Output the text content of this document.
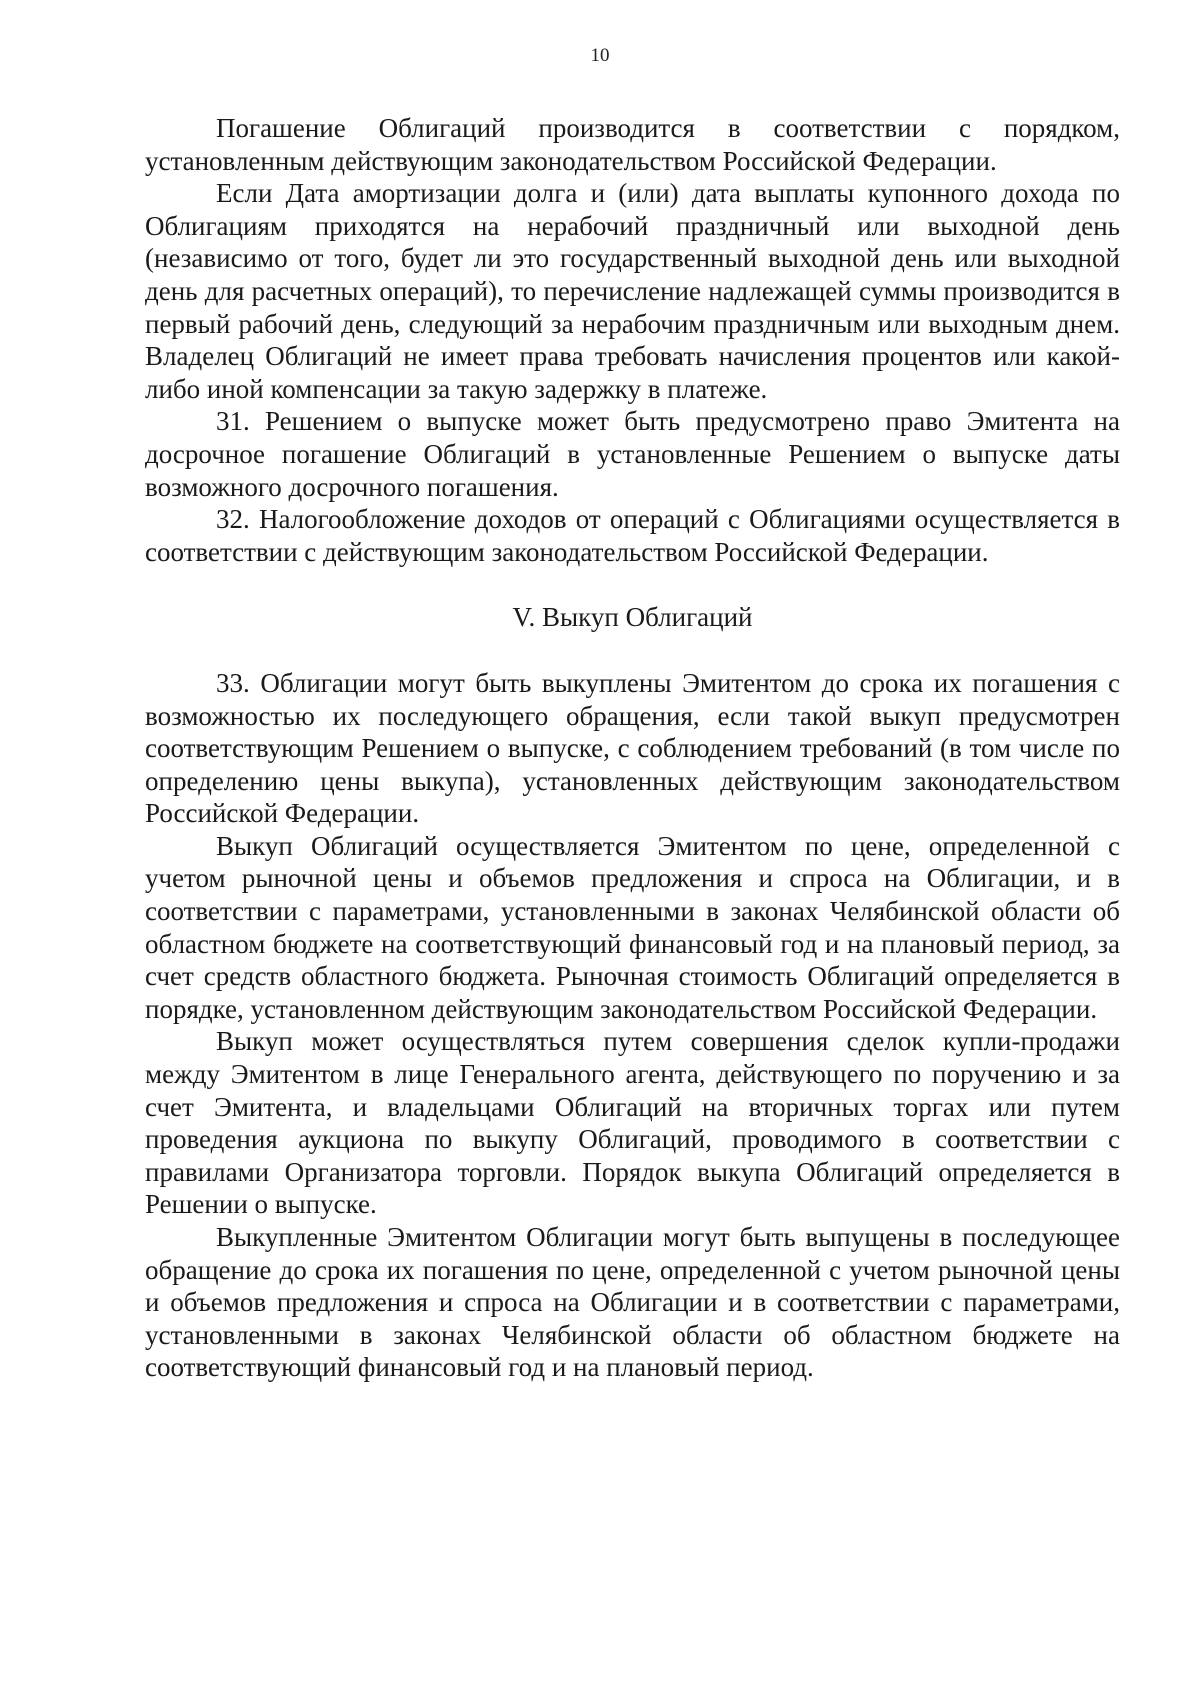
10

Погашение Облигаций производится в соответствии с порядком, установленным действующим законодательством Российской Федерации.

Если Дата амортизации долга и (или) дата выплаты купонного дохода по Облигациям приходятся на нерабочий праздничный или выходной день (независимо от того, будет ли это государственный выходной день или выходной день для расчетных операций), то перечисление надлежащей суммы производится в первый рабочий день, следующий за нерабочим праздничным или выходным днем. Владелец Облигаций не имеет права требовать начисления процентов или какой-либо иной компенсации за такую задержку в платеже.

31. Решением о выпуске может быть предусмотрено право Эмитента на досрочное погашение Облигаций в установленные Решением о выпуске даты возможного досрочного погашения.

32. Налогообложение доходов от операций с Облигациями осуществляется в соответствии с действующим законодательством Российской Федерации.

V. Выкуп Облигаций

33. Облигации могут быть выкуплены Эмитентом до срока их погашения с возможностью их последующего обращения, если такой выкуп предусмотрен соответствующим Решением о выпуске, с соблюдением требований (в том числе по определению цены выкупа), установленных действующим законодательством Российской Федерации.

Выкуп Облигаций осуществляется Эмитентом по цене, определенной с учетом рыночной цены и объемов предложения и спроса на Облигации, и в соответствии с параметрами, установленными в законах Челябинской области об областном бюджете на соответствующий финансовый год и на плановый период, за счет средств областного бюджета. Рыночная стоимость Облигаций определяется в порядке, установленном действующим законодательством Российской Федерации.

Выкуп может осуществляться путем совершения сделок купли-продажи между Эмитентом в лице Генерального агента, действующего по поручению и за счет Эмитента, и владельцами Облигаций на вторичных торгах или путем проведения аукциона по выкупу Облигаций, проводимого в соответствии с правилами Организатора торговли. Порядок выкупа Облигаций определяется в Решении о выпуске.

Выкупленные Эмитентом Облигации могут быть выпущены в последующее обращение до срока их погашения по цене, определенной с учетом рыночной цены и объемов предложения и спроса на Облигации и в соответствии с параметрами, установленными в законах Челябинской области об областном бюджете на соответствующий финансовый год и на плановый период.
